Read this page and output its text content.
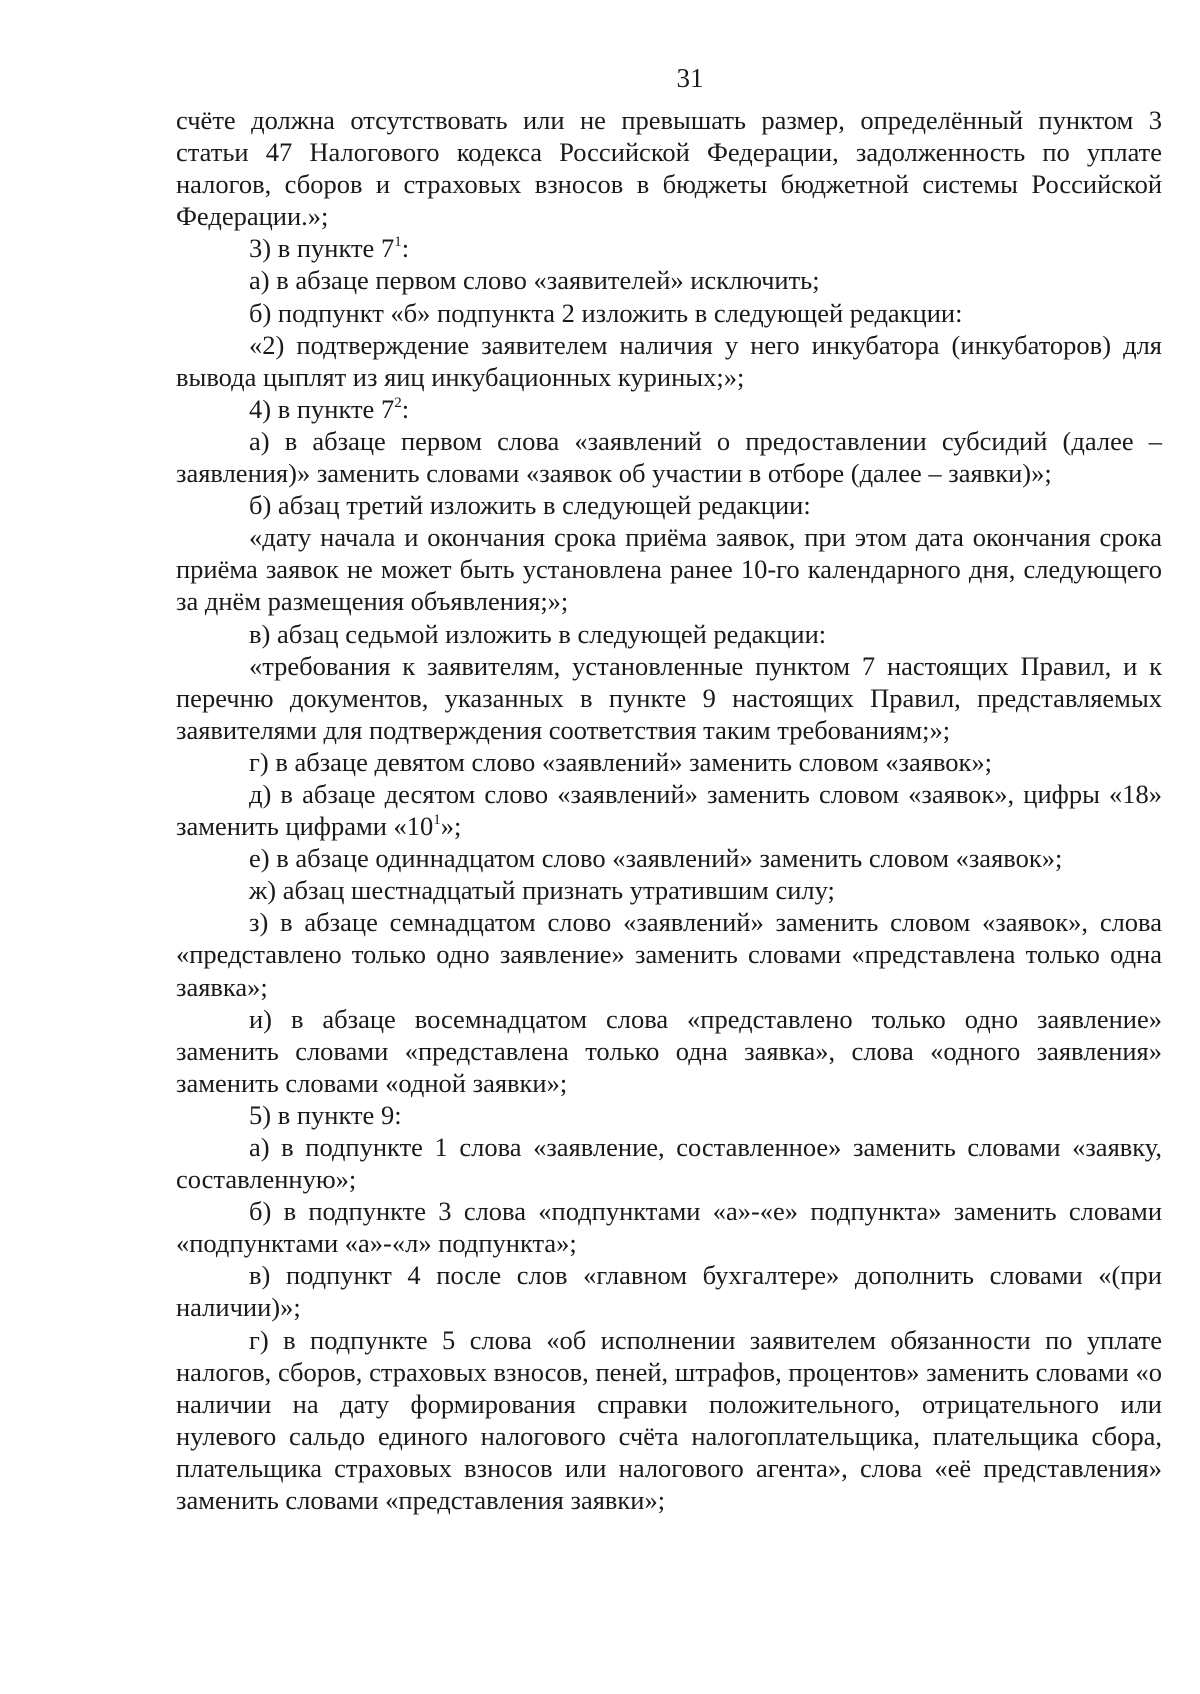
31

счёте должна отсутствовать или не превышать размер, определённый пунктом 3 статьи 47 Налогового кодекса Российской Федерации, задолженность по уплате налогов, сборов и страховых взносов в бюджеты бюджетной системы Российской Федерации.»;

3) в пункте $7^1$:

а) в абзаце первом слово «заявителей» исключить;

б) подпункт «б» подпункта 2 изложить в следующей редакции:

«2) подтверждение заявителем наличия у него инкубатора (инкубаторов) для вывода цыплят из яиц инкубационных куриных;»;

4) в пункте $7^2$:

а) в абзаце первом слова «заявлений о предоставлении субсидий (далее – заявления)» заменить словами «заявок об участии в отборе (далее – заявки)»;

б) абзац третий изложить в следующей редакции:

«дату начала и окончания срока приёма заявок, при этом дата окончания срока приёма заявок не может быть установлена ранее 10-го календарного дня, следующего за днём размещения объявления;»;

в) абзац седьмой изложить в следующей редакции:

«требования к заявителям, установленные пунктом 7 настоящих Правил, и к перечню документов, указанных в пункте 9 настоящих Правил, представляемых заявителями для подтверждения соответствия таким требованиям;»;

г) в абзаце девятом слово «заявлений» заменить словом «заявок»;

д) в абзаце десятом слово «заявлений» заменить словом «заявок», цифры «18» заменить цифрами «$10^1$»;

е) в абзаце одиннадцатом слово «заявлений» заменить словом «заявок»;

ж) абзац шестнадцатый признать утратившим силу;

з) в абзаце семнадцатом слово «заявлений» заменить словом «заявок», слова «представлено только одно заявление» заменить словами «представлена только одна заявка»;

и) в абзаце восемнадцатом слова «представлено только одно заявление» заменить словами «представлена только одна заявка», слова «одного заявления» заменить словами «одной заявки»;

5) в пункте 9:

а) в подпункте 1 слова «заявление, составленное» заменить словами «заявку, составленную»;

б) в подпункте 3 слова «подпунктами «а»-«е» подпункта» заменить словами «подпунктами «а»-«л» подпункта»;

в) подпункт 4 после слов «главном бухгалтере» дополнить словами «(при наличии)»;

г) в подпункте 5 слова «об исполнении заявителем обязанности по уплате налогов, сборов, страховых взносов, пеней, штрафов, процентов» заменить словами «о наличии на дату формирования справки положительного, отрицательного или нулевого сальдо единого налогового счёта налогоплательщика, плательщика сбора, плательщика страховых взносов или налогового агента», слова «её представления» заменить словами «представления заявки»;
